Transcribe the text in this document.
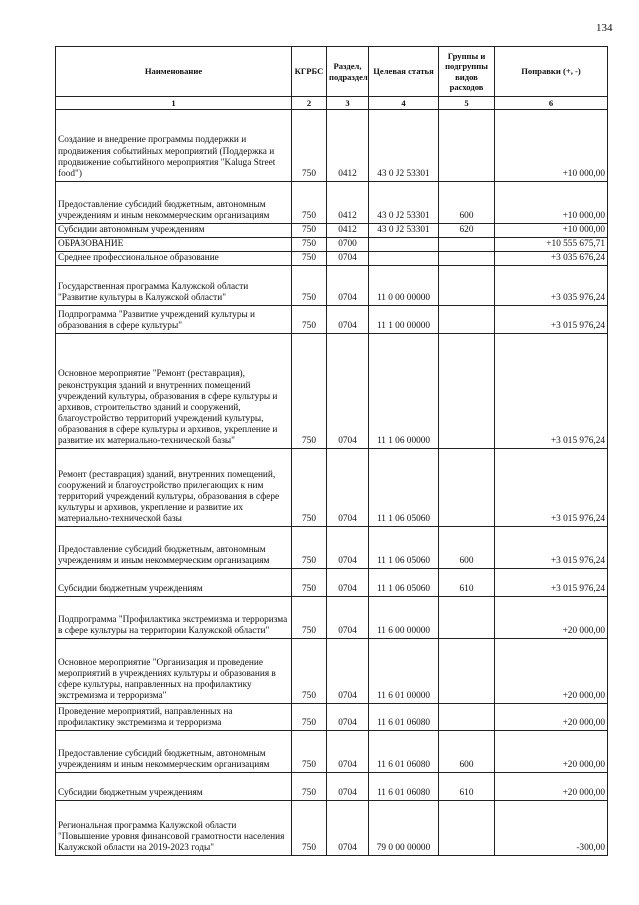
134
Наименование	КГРБС	Раздел, подраздел	Целевая статья	Группы и подгруппы видов расходов	Поправки (+, -)
1	2	3	4	5	6
Создание и внедрение программы поддержки и продвижения событийных мероприятий (Поддержка и продвижение событийного мероприятия "Kaluga Street food")	750	0412	43 0 J2 53301		+10 000,00
Предоставление субсидий бюджетным, автономным учреждениям и иным некоммерческим организациям	750	0412	43 0 J2 53301	600	+10 000,00
Субсидии автономным учреждениям	750	0412	43 0 J2 53301	620	+10 000,00
ОБРАЗОВАНИЕ	750	0700			+10 555 675,71
Среднее профессиональное образование	750	0704			+3 035 676,24
Государственная программа Калужской области "Развитие культуры в Калужской области"	750	0704	11 0 00 00000		+3 035 976,24
Подпрограмма "Развитие учреждений культуры и образования в сфере культуры"	750	0704	11 1 00 00000		+3 015 976,24
Основное мероприятие "Ремонт (реставрация), реконструкция зданий и внутренних помещений учреждений культуры, образования в сфере культуры и архивов, строительство зданий и сооружений, благоустройство территорий учреждений культуры, образования в сфере культуры и архивов, укрепление и развитие их материально-технической базы"	750	0704	11 1 06 00000		+3 015 976,24
Ремонт (реставрация) зданий, внутренних помещений, сооружений и благоустройство прилегающих к ним территорий учреждений культуры, образования в сфере культуры и архивов, укрепление и развитие их материально-технической базы	750	0704	11 1 06 05060		+3 015 976,24
Предоставление субсидий бюджетным, автономным учреждениям и иным некоммерческим организациям	750	0704	11 1 06 05060	600	+3 015 976,24
Субсидии бюджетным учреждениям	750	0704	11 1 06 05060	610	+3 015 976,24
Подпрограмма "Профилактика экстремизма и терроризма в сфере культуры на территории Калужской области"	750	0704	11 6 00 00000		+20 000,00
Основное мероприятие "Организация и проведение мероприятий в учреждениях культуры и образования в сфере культуры, направленных на профилактику экстремизма и терроризма"	750	0704	11 6 01 00000		+20 000,00
Проведение мероприятий, направленных на профилактику экстремизма и терроризма	750	0704	11 6 01 06080		+20 000,00
Предоставление субсидий бюджетным, автономным учреждениям и иным некоммерческим организациям	750	0704	11 6 01 06080	600	+20 000,00
Субсидии бюджетным учреждениям	750	0704	11 6 01 06080	610	+20 000,00
Региональная программа Калужской области "Повышение уровня финансовой грамотности населения Калужской области на 2019-2023 годы"	750	0704	79 0 00 00000		-300,00
